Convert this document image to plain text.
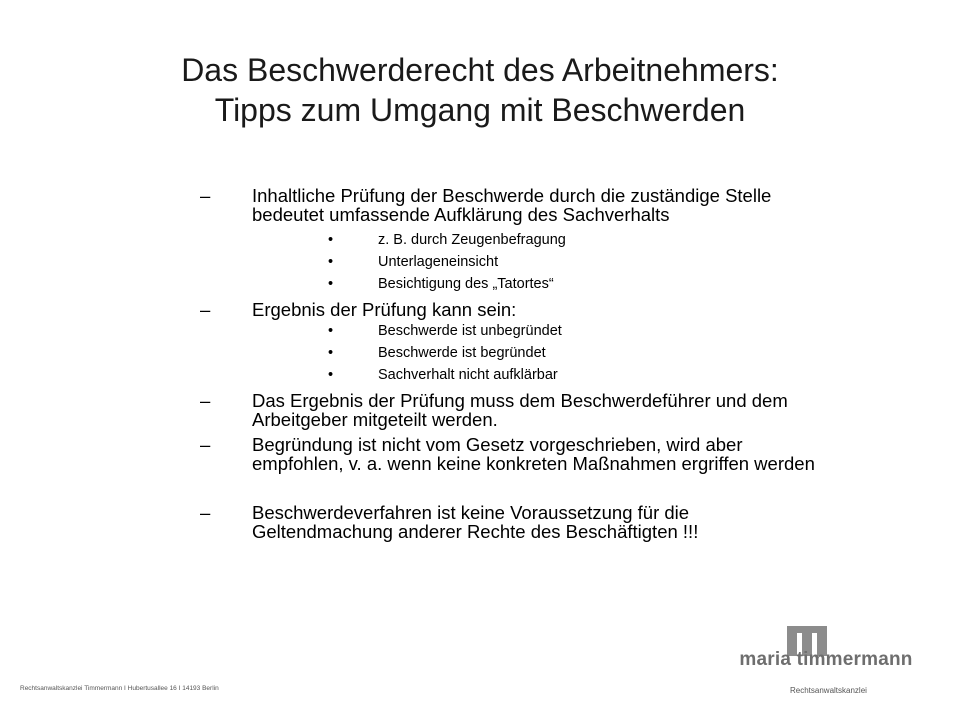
Das Beschwerderecht des Arbeitnehmers:
Tipps zum Umgang mit Beschwerden
– Inhaltliche Prüfung der Beschwerde durch die zuständige Stelle bedeutet umfassende Aufklärung des Sachverhalts
•	z. B. durch Zeugenbefragung
•	Unterlageneinsicht
•	Besichtigung des „Tatortes“
– Ergebnis der Prüfung kann sein:
•	Beschwerde ist unbegründet
•	Beschwerde ist begründet
•	Sachverhalt nicht aufklärbar
– Das Ergebnis der Prüfung muss dem Beschwerdeführer und dem Arbeitgeber mitgeteilt werden.
– Begründung ist nicht vom Gesetz vorgeschrieben, wird aber empfohlen, v. a. wenn keine konkreten Maßnahmen ergriffen werden
– Beschwerdeverfahren ist keine Voraussetzung für die Geltendmachung anderer Rechte des Beschäftigten !!!
Rechtsanwaltskanzlei Timmermann I Hubertusallee 16 I 14193 Berlin
maria timmermann
Rechtsanwaltskanzlei
